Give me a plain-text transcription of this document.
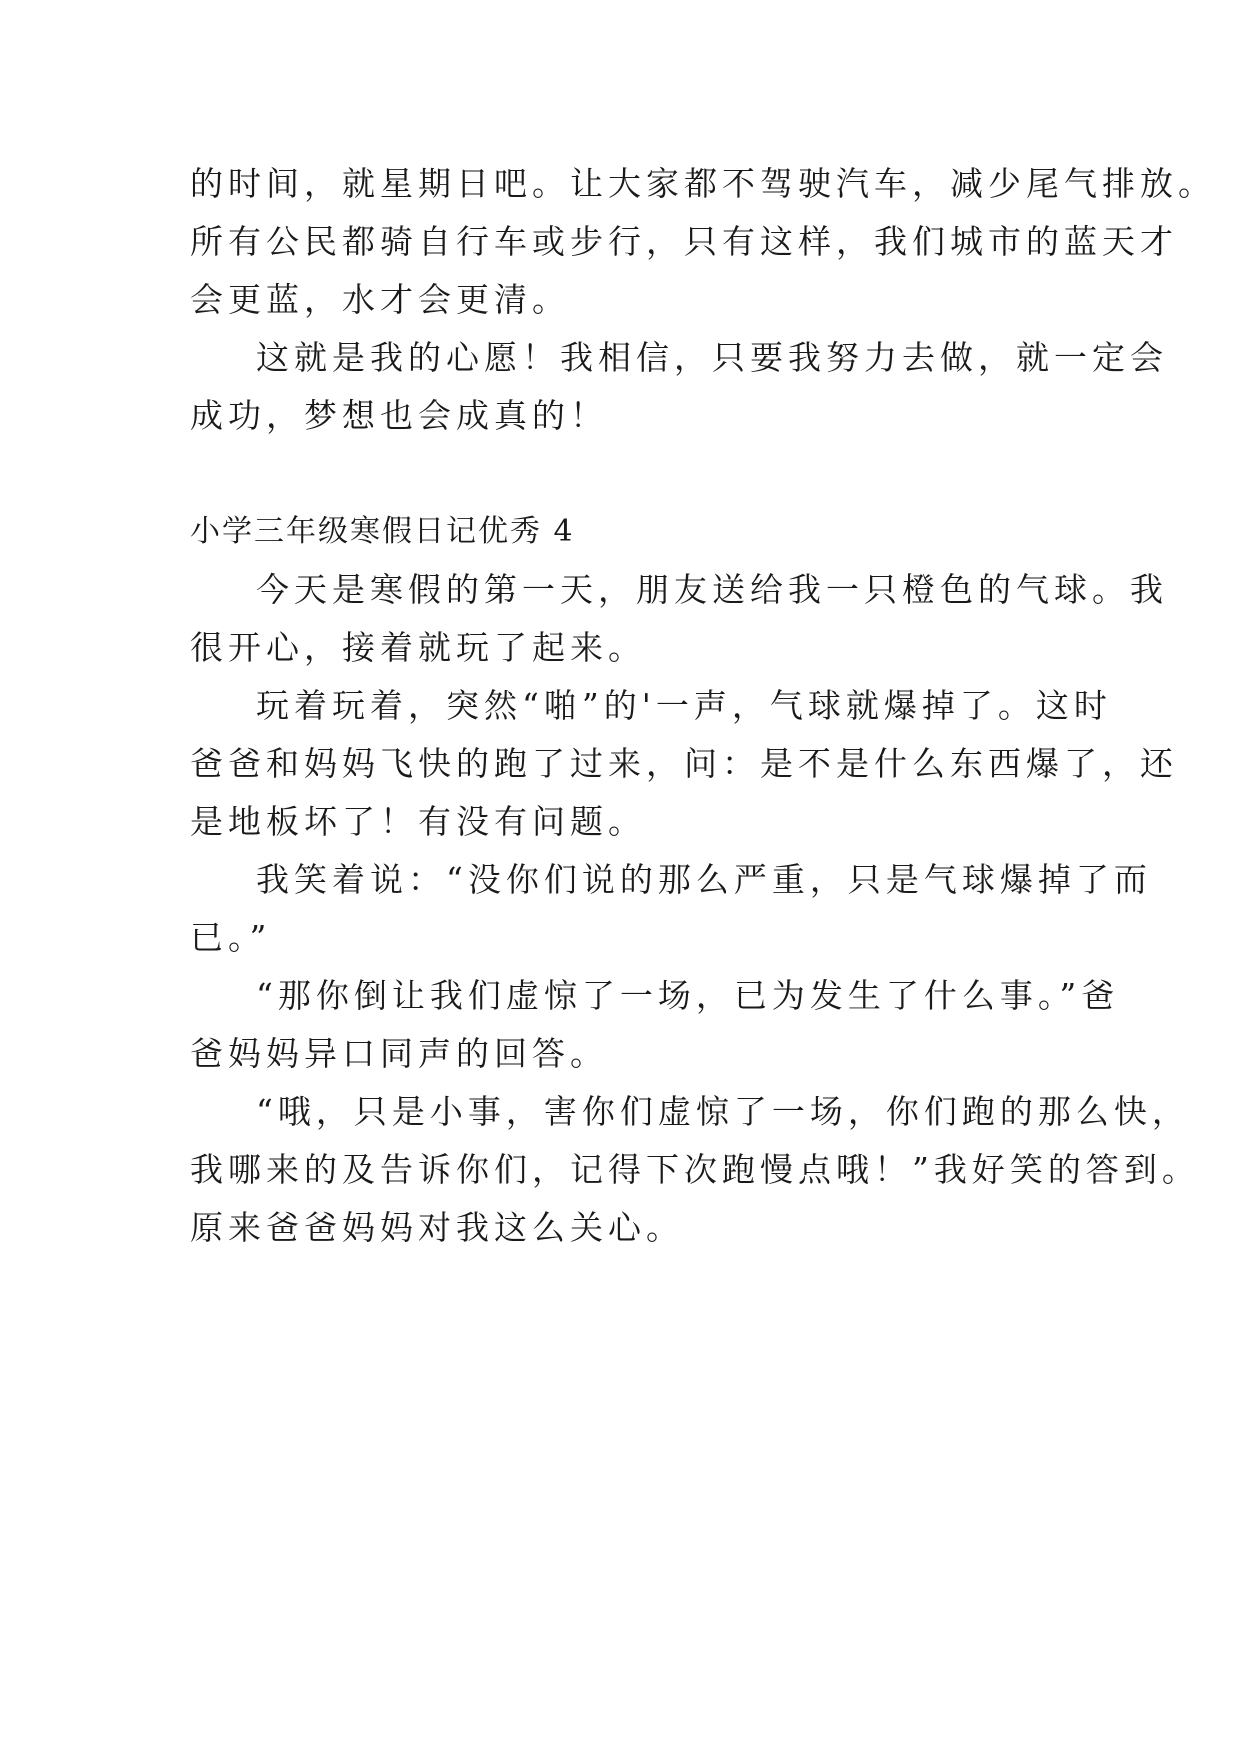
的时间，就星期日吧。让大家都不驾驶汽车，减少尾气排放。
所有公民都骑自行车或步行，只有这样，我们城市的蓝天才
会更蓝，水才会更清。
这就是我的心愿！我相信，只要我努力去做，就一定会
成功，梦想也会成真的！
小学三年级寒假日记优秀 4
今天是寒假的第一天，朋友送给我一只橙色的气球。我
很开心，接着就玩了起来。
玩着玩着，突然“啪”的'一声，气球就爆掉了。这时
爸爸和妈妈飞快的跑了过来，问：是不是什么东西爆了，还
是地板坏了！有没有问题。
我笑着说：“没你们说的那么严重，只是气球爆掉了而
已。”
“那你倒让我们虚惊了一场，已为发生了什么事。”爸
爸妈妈异口同声的回答。
“哦，只是小事，害你们虚惊了一场，你们跑的那么快，
我哪来的及告诉你们，记得下次跑慢点哦！”我好笑的答到。
原来爸爸妈妈对我这么关心。
